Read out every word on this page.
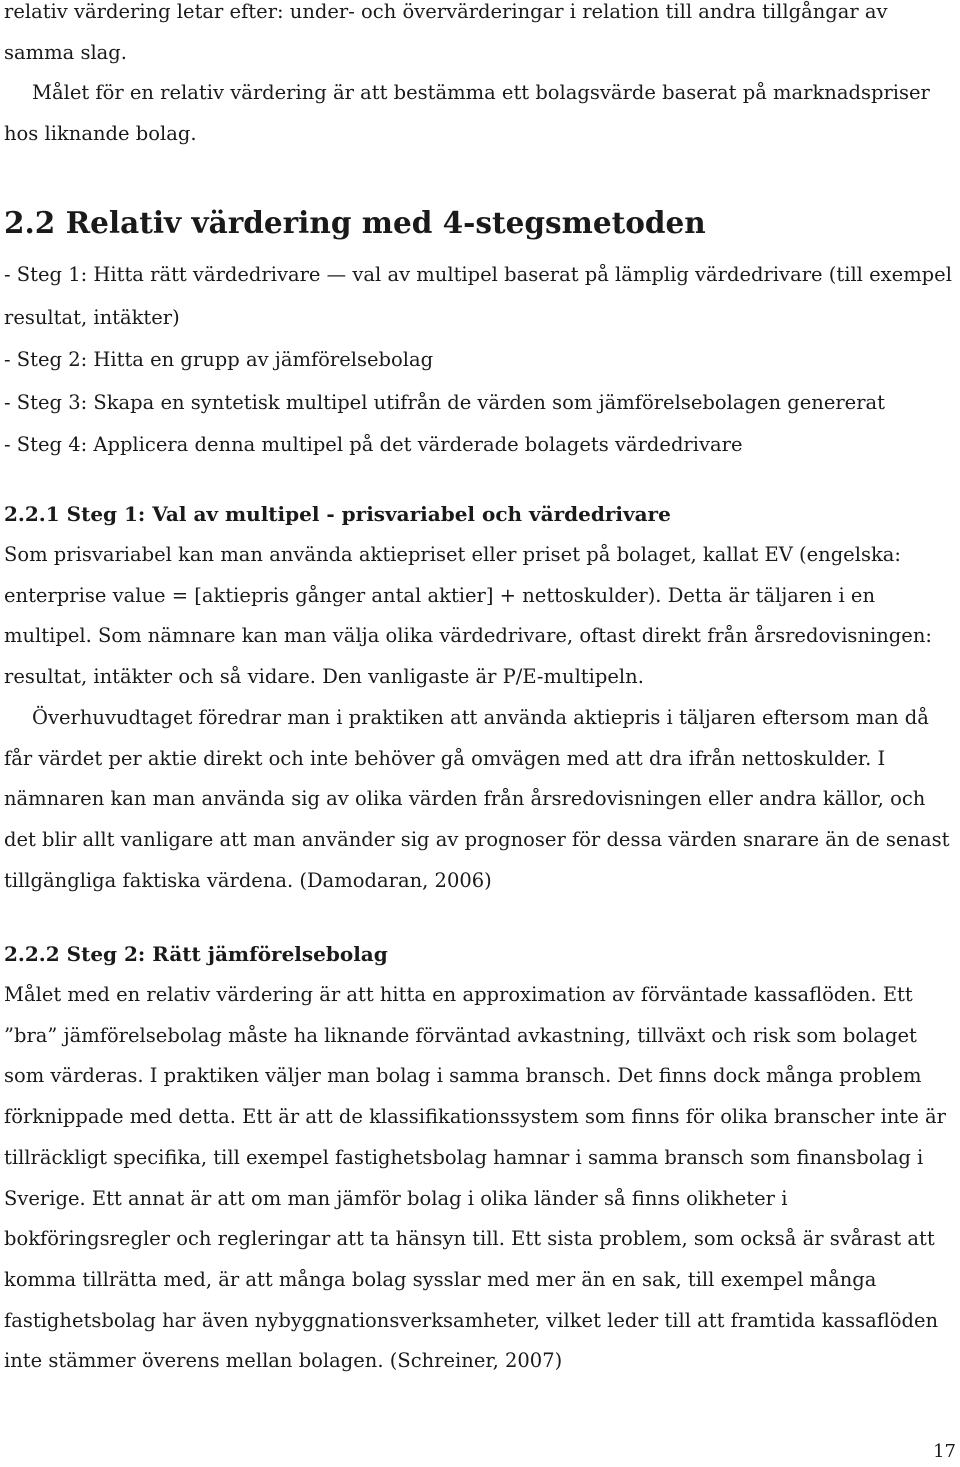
relativ värdering letar efter: under- och övervärderingar i relation till andra tillgångar av samma slag.

Målet för en relativ värdering är att bestämma ett bolagsvärde baserat på marknadspriser hos liknande bolag.

2.2 Relativ värdering med 4-stegsmetoden

- Steg 1: Hitta rätt värdedrivare — val av multipel baserat på lämplig värdedrivare (till exempel resultat, intäkter)

- Steg 2: Hitta en grupp av jämförelsebolag

- Steg 3: Skapa en syntetisk multipel utifrån de värden som jämförelsebolagen genererat

- Steg 4: Applicera denna multipel på det värderade bolagets värdedrivare

2.2.1 Steg 1: Val av multipel - prisvariabel och värdedrivare

Som prisvariabel kan man använda aktiepriset eller priset på bolaget, kallat EV (engelska: enterprise value = [aktiepris gånger antal aktier] + nettoskulder). Detta är täljaren i en multipel. Som nämnare kan man välja olika värdedrivare, oftast direkt från årsredovisningen: resultat, intäkter och så vidare. Den vanligaste är P/E-multipeln.

Överhuvudtaget föredrar man i praktiken att använda aktiepris i täljaren eftersom man då får värdet per aktie direkt och inte behöver gå omvägen med att dra ifrån nettoskulder. I nämnaren kan man använda sig av olika värden från årsredovisningen eller andra källor, och det blir allt vanligare att man använder sig av prognoser för dessa värden snarare än de senast tillgängliga faktiska värdena. (Damodaran, 2006)

2.2.2 Steg 2: Rätt jämförelsebolag

Målet med en relativ värdering är att hitta en approximation av förväntade kassaflöden. Ett ”bra” jämförelsebolag måste ha liknande förväntad avkastning, tillväxt och risk som bolaget som värderas. I praktiken väljer man bolag i samma bransch. Det finns dock många problem förknippade med detta. Ett är att de klassifikationssystem som finns för olika branscher inte är tillräckligt specifika, till exempel fastighetsbolag hamnar i samma bransch som finansbolag i Sverige. Ett annat är att om man jämför bolag i olika länder så finns olikheter i bokföringsregler och regleringar att ta hänsyn till. Ett sista problem, som också är svårast att komma tillrätta med, är att många bolag sysslar med mer än en sak, till exempel många fastighetsbolag har även nybyggnationsverksamheter, vilket leder till att framtida kassaflöden inte stämmer överens mellan bolagen. (Schreiner, 2007)

17
